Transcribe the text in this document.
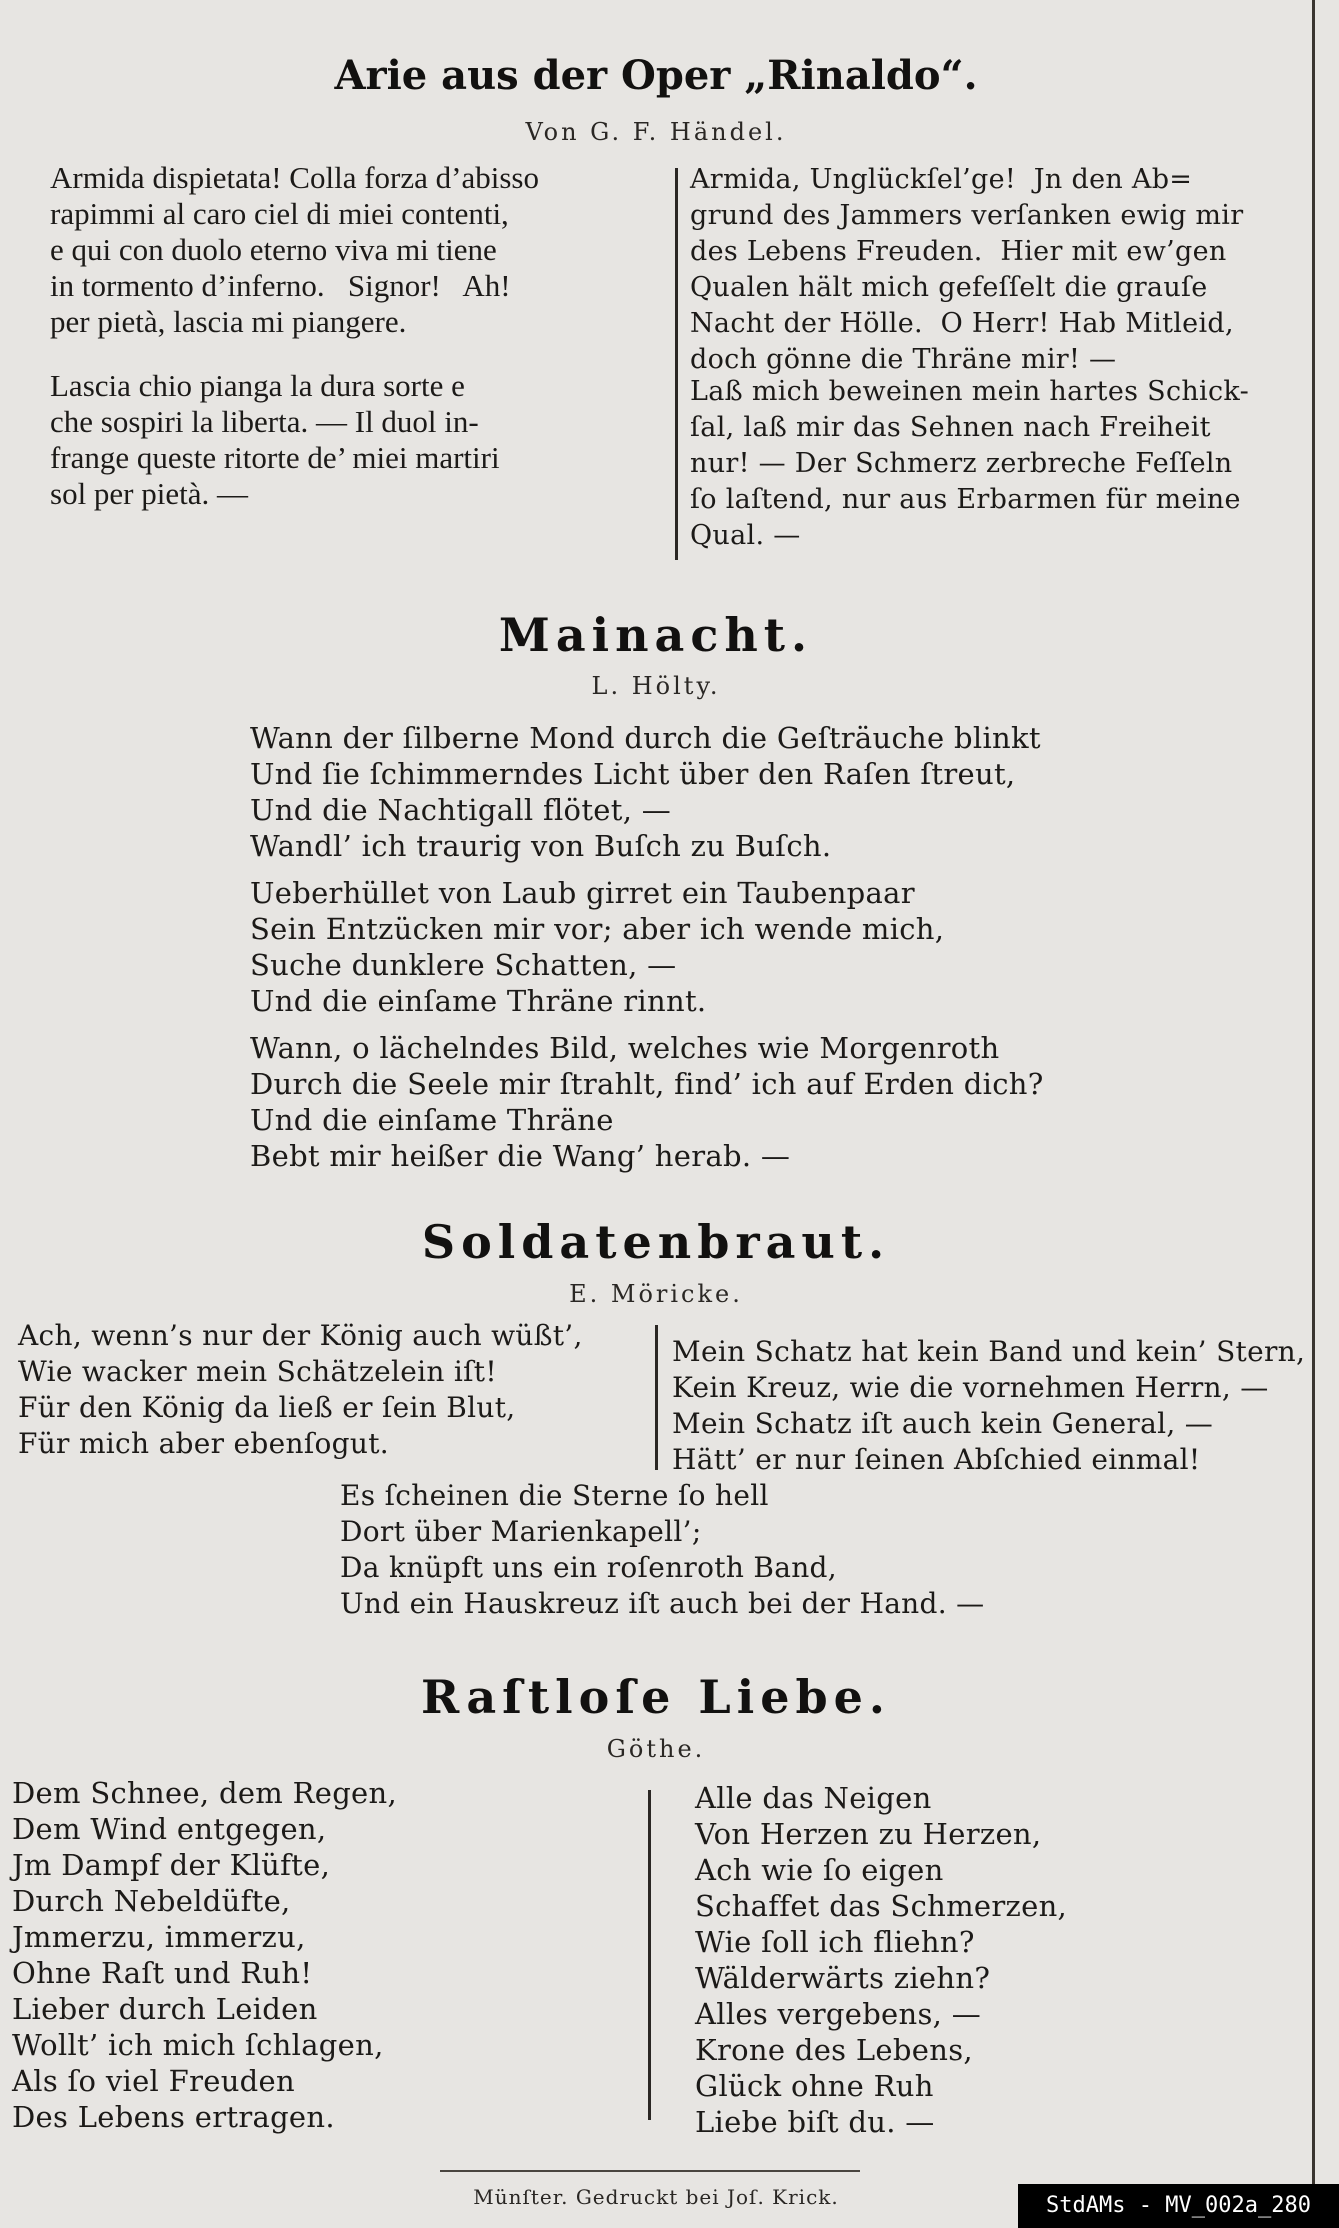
Arie aus der Oper „Rinaldo“.
Von G. F. Händel.
Armida dispietata! Colla forza d’abisso
rapimmi al caro ciel di miei contenti,
e qui con duolo eterno viva mi tiene
in tormento d’inferno.   Signor!   Ah!
per pietà, lascia mi piangere.
Lascia chio pianga la dura sorte e
che sospiri la liberta. — Il duol in-
frange queste ritorte de’ miei martiri
sol per pietà. —
Armida, Unglückſel’ge!  Jn den Ab=
grund des Jammers verſanken ewig mir
des Lebens Freuden.  Hier mit ew’gen
Qualen hält mich gefeſſelt die grauſe
Nacht der Hölle.  O Herr! Hab Mitleid,
doch gönne die Thräne mir! —
Laß mich beweinen mein hartes Schick-
ſal, laß mir das Sehnen nach Freiheit
nur! — Der Schmerz zerbreche Feſſeln
ſo laſtend, nur aus Erbarmen für meine
Qual. —
Mainacht.
L. Hölty.
Wann der ſilberne Mond durch die Geſträuche blinkt
Und ſie ſchimmerndes Licht über den Raſen ſtreut,
Und die Nachtigall flötet, —
Wandl’ ich traurig von Buſch zu Buſch.
Ueberhüllet von Laub girret ein Taubenpaar
Sein Entzücken mir vor; aber ich wende mich,
Suche dunklere Schatten, —
Und die einſame Thräne rinnt.
Wann, o lächelndes Bild, welches wie Morgenroth
Durch die Seele mir ſtrahlt, find’ ich auf Erden dich?
Und die einſame Thräne
Bebt mir heißer die Wang’ herab. —
Soldatenbraut.
E. Möricke.
Ach, wenn’s nur der König auch wüßt’,
Wie wacker mein Schätzelein iſt!
Für den König da ließ er ſein Blut,
Für mich aber ebenſogut.
Mein Schatz hat kein Band und kein’ Stern,
Kein Kreuz, wie die vornehmen Herrn, —
Mein Schatz iſt auch kein General, —
Hätt’ er nur ſeinen Abſchied einmal!
Es ſcheinen die Sterne ſo hell
Dort über Marienkapell’;
Da knüpft uns ein roſenroth Band,
Und ein Hauskreuz iſt auch bei der Hand. —
Raſtloſe Liebe.
Göthe.
Dem Schnee, dem Regen,
Dem Wind entgegen,
Jm Dampf der Klüfte,
Durch Nebeldüfte,
Jmmerzu, immerzu,
Ohne Raſt und Ruh!
Lieber durch Leiden
Wollt’ ich mich ſchlagen,
Als ſo viel Freuden
Des Lebens ertragen.
Alle das Neigen
Von Herzen zu Herzen,
Ach wie ſo eigen
Schaffet das Schmerzen,
Wie ſoll ich fliehn?
Wälderwärts ziehn?
Alles vergebens, —
Krone des Lebens,
Glück ohne Ruh
Liebe biſt du. —
Münſter. Gedruckt bei Joſ. Krick.	StdAMs - MV_002a_280
